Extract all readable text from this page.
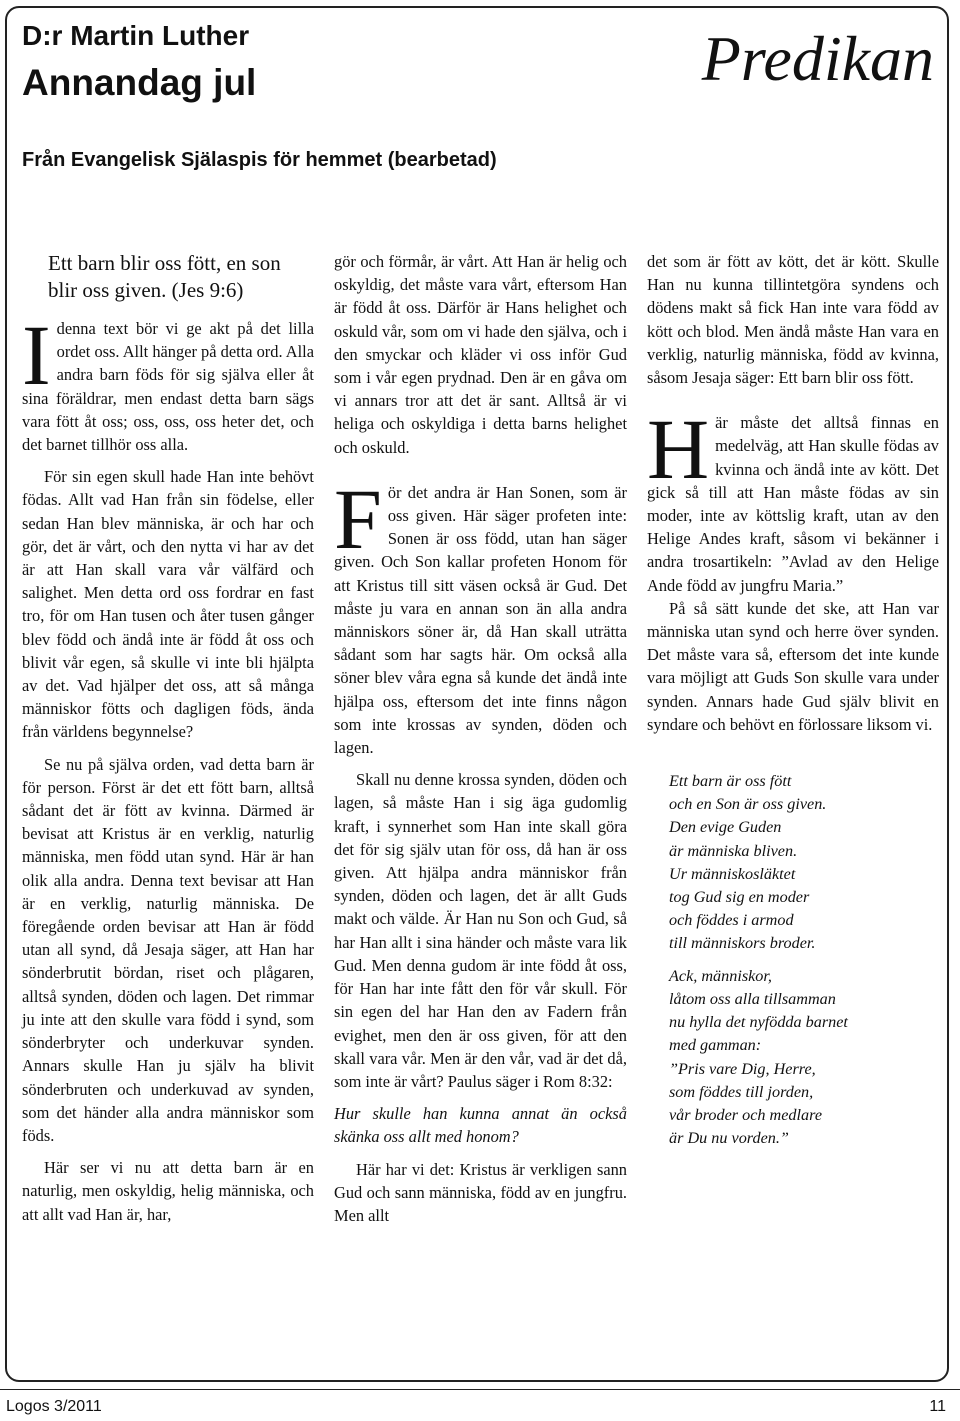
D:r Martin Luther
Annandag jul	Predikan
Från Evangelisk Själaspis för hemmet (bearbetad)
Ett barn blir oss fött, en son blir oss given. (Jes 9:6)

Idenna text bör vi ge akt på det lilla ordet oss. Allt hänger på detta ord. Alla andra barn föds för sig själva eller åt sina föräldrar, men endast detta barn sägs vara fött åt oss; oss, oss, oss heter det, och det barnet tillhör oss alla.

För sin egen skull hade Han inte behövt födas. Allt vad Han från sin födelse, eller sedan Han blev människa, är och har och gör, det är vårt, och den nytta vi har av det är att Han skall vara vår välfärd och salighet. Men detta ord oss fordrar en fast tro, för om Han tusen och åter tusen gånger blev född och ändå inte är född åt oss och blivit vår egen, så skulle vi inte bli hjälpta av det. Vad hjälper det oss, att så många människor fötts och dagligen föds, ända från världens begynnelse?

Se nu på själva orden, vad detta barn är för person. Först är det ett fött barn, alltså sådant det är fött av kvinna. Därmed är bevisat att Kristus är en verklig, naturlig människa, men född utan synd. Här är han olik alla andra. Denna text bevisar att Han är en verklig, naturlig människa. De föregående orden bevisar att Han är född utan all synd, då Jesaja säger, att Han har sönderbrutit bördan, riset och plågaren, alltså synden, döden och lagen. Det rimmar ju inte att den skulle vara född i synd, som sönderbryter och underkuvar synden. Annars skulle Han ju själv ha blivit sönderbruten och underkuvad av synden, som det händer alla andra människor som föds.

Här ser vi nu att detta barn är en naturlig, men oskyldig, helig människa, och att allt vad Han är, har,

gör och förmår, är vårt. Att Han är helig och oskyldig, det måste vara vårt, eftersom Han är född åt oss. Därför är Hans helighet och oskuld vår, som om vi hade den själva, och i den smyckar och kläder vi oss inför Gud som i vår egen prydnad. Den är en gåva om vi annars tror att det är sant. Alltså är vi heliga och oskyldiga i detta barns helighet och oskuld.

För det andra är Han Sonen, som är oss given. Här säger profeten inte: Sonen är oss född, utan han säger given. Och Son kallar profeten Honom för att Kristus till sitt väsen också är Gud. Det måste ju vara en annan son än alla andra människors söner är, då Han skall uträtta sådant som har sagts här. Om också alla söner blev våra egna så kunde det ändå inte hjälpa oss, eftersom det inte finns någon som inte krossas av synden, döden och lagen.

Skall nu denne krossa synden, döden och lagen, så måste Han i sig äga gudomlig kraft, i synnerhet som Han inte skall göra det för sig själv utan för oss, då han är oss given. Att hjälpa andra människor från synden, döden och lagen, det är allt Guds makt och välde. Är Han nu Son och Gud, så har Han allt i sina händer och måste vara lik Gud. Men denna gudom är inte född åt oss, för Han har inte fått den för vår skull. För sin egen del har Han den av Fadern från evighet, men den är oss given, för att den skall vara vår. Men är den vår, vad är det då, som inte är vårt? Paulus säger i Rom 8:32:

Hur skulle han kunna annat än också skänka oss allt med honom?

Här har vi det: Kristus är verkligen sann Gud och sann människa, född av en jungfru. Men allt

det som är fött av kött, det är kött. Skulle Han nu kunna tillintetgöra syndens och dödens makt så fick Han inte vara född av kött och blod. Men ändå måste Han vara en verklig, naturlig människa, född av kvinna, såsom Jesaja säger: Ett barn blir oss fött.

Här måste det alltså finnas en medelväg, att Han skulle födas av kvinna och ändå inte av kött. Det gick så till att Han måste födas av sin moder, inte av köttslig kraft, utan av den Helige Andes kraft, såsom vi bekänner i andra trosartikeln: ”Avlad av den Helige Ande född av jungfru Maria.”

På så sätt kunde det ske, att Han var människa utan synd och herre över synden. Det måste vara så, eftersom det inte kunde vara möjligt att Guds Son skulle vara under synden. Annars hade Gud själv blivit en syndare och behövt en förlossare liksom vi.

Ett barn är oss fött
och en Son är oss given.
Den evige Guden
är människa bliven.
Ur människosläktet
tog Gud sig en moder
och föddes i armod
till människors broder.
Ack, människor,
låtom oss alla tillsamman
nu hylla det nyfödda barnet
med gamman:
”Pris vare Dig, Herre,
som föddes till jorden,
vår broder och medlare
är Du nu vorden.”
Logos 3/2011	11
